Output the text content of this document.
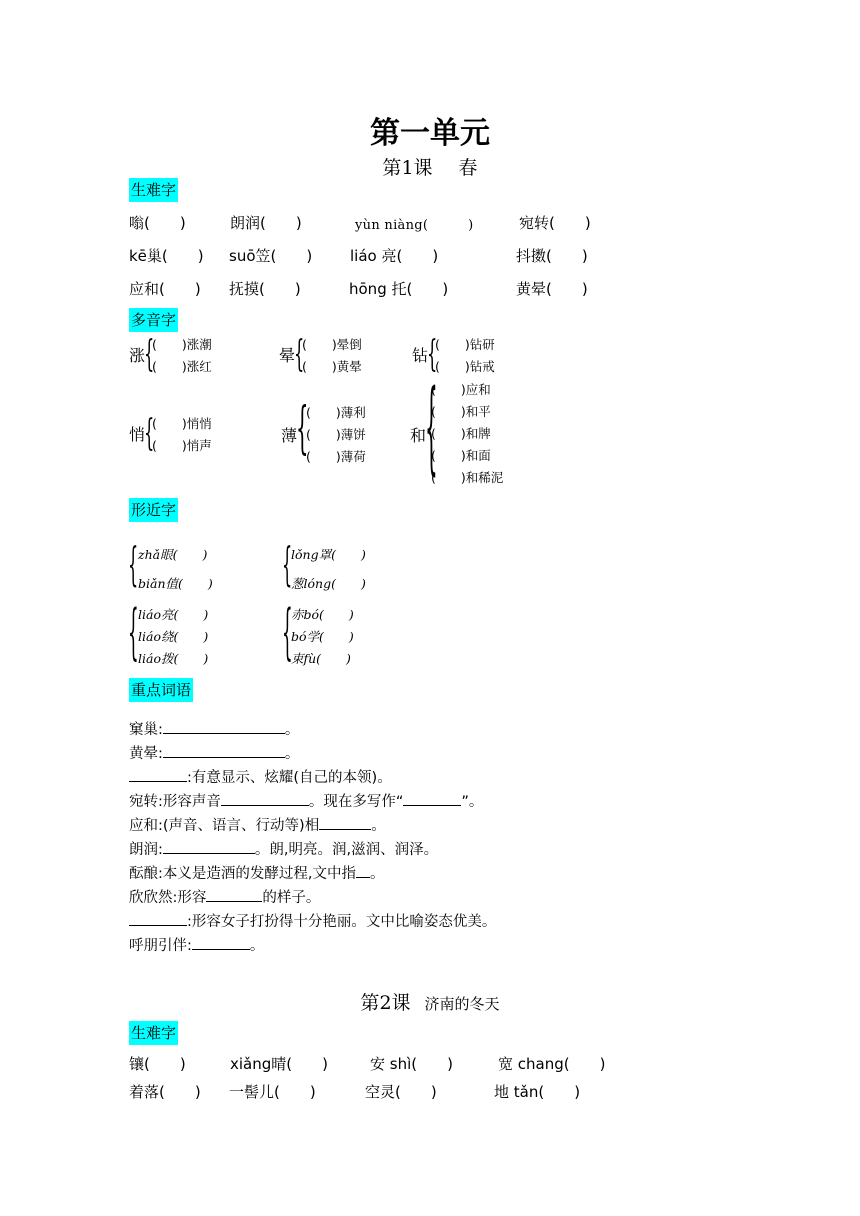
第一单元
第1课 春
生难字
嗡(　　)	朗润(　　)	yùn niàng(　　　)	宛转(　　)
kē巢(　　) suō笠(　　)	liáo 亮(　　)	抖擞(　　)
应和(　　) 抚摸(　　)	hōng 托(　　)	黄晕(　　)
多音字
涨
{
(　　)涨潮
(　　)涨红
晕
{
(　　)晕倒
(　　)黄晕
钻
{
(　　)钻研
(　　)钻戒
悄
{
(　　)悄悄
(　　)悄声
薄
{
(　　)薄利
(　　)薄饼
(　　)薄荷
和
{
(　　)应和
(　　)和平
(　　)和牌
(　　)和面
(　　)和稀泥
形近字
{ zhǎ眼(　　)
biǎn值(　　) {
lǒng罩(　　)
葱lóng(　　)
{ liáo亮(　　)
liáo绕(　　)
liáo拨(　　) {
赤bó(　　)
bó学(　　)
束fù(　　)
重点词语
窠巢:	。
黄晕:	。
:有意显示、炫耀(自己的本领)。
宛转:形容声音	。现在多写作“	”。
应和:(声音、语言、行动等)相	。
朗润:	。朗,明亮。润,滋润、润泽。
酝酿:本义是造酒的发酵过程,文中指 。
欣欣然:形容	的样子。
:形容女子打扮得十分艳丽。文中比喻姿态优美。
呼朋引伴:	。
第2课 济南的冬天
生难字
镶(　　)	xiǎng晴(　　)	安 shì(　　)	宽 chang(　　)
着落(　　) 一髻儿(　　)	空灵(　　)	地 tǎn(　　)
